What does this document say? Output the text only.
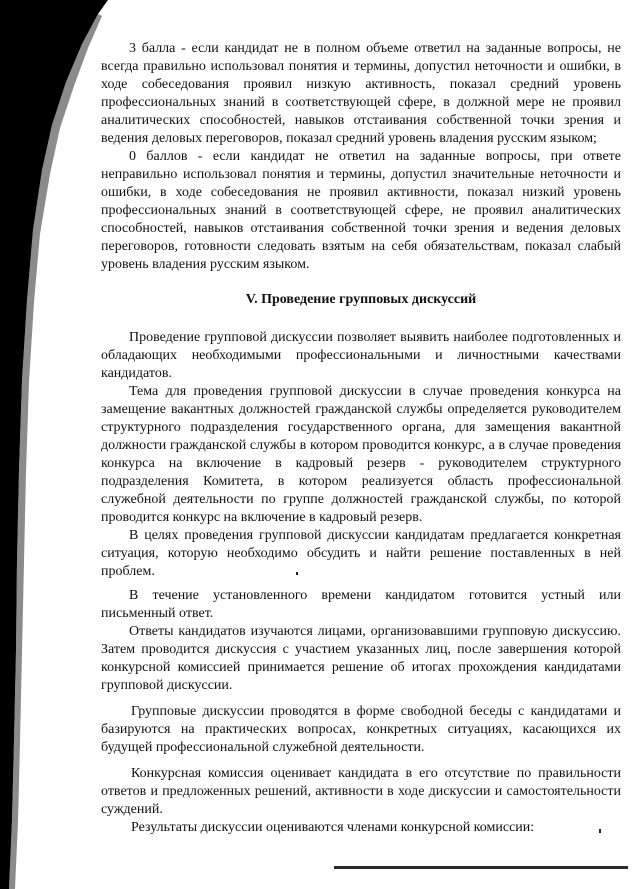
3 балла - если кандидат не в полном объеме ответил на заданные вопросы, не всегда правильно использовал понятия и термины, допустил неточности и ошибки, в ходе собеседования проявил низкую активность, показал средний уровень профессиональных знаний в соответствующей сфере, в должной мере не проявил аналитических способностей, навыков отстаивания собственной точки зрения и ведения деловых переговоров, показал средний уровень владения русским языком;

0 баллов - если кандидат не ответил на заданные вопросы, при ответе неправильно использовал понятия и термины, допустил значительные неточности и ошибки, в ходе собеседования не проявил активности, показал низкий уровень профессиональных знаний в соответствующей сфере, не проявил аналитических способностей, навыков отстаивания собственной точки зрения и ведения деловых переговоров, готовности следовать взятым на себя обязательствам, показал слабый уровень владения русским языком.

V. Проведение групповых дискуссий

Проведение групповой дискуссии позволяет выявить наиболее подготовленных и обладающих необходимыми профессиональными и личностными качествами кандидатов.

Тема для проведения групповой дискуссии в случае проведения конкурса на замещение вакантных должностей гражданской службы определяется руководителем структурного подразделения государственного органа, для замещения вакантной должности гражданской службы в котором проводится конкурс, а в случае проведения конкурса на включение в кадровый резерв - руководителем структурного подразделения Комитета, в котором реализуется область профессиональной служебной деятельности по группе должностей гражданской службы, по которой проводится конкурс на включение в кадровый резерв.

В целях проведения групповой дискуссии кандидатам предлагается конкретная ситуация, которую необходимо обсудить и найти решение поставленных в ней проблем.

В течение установленного времени кандидатом готовится устный или письменный ответ.

Ответы кандидатов изучаются лицами, организовавшими групповую дискуссию. Затем проводится дискуссия с участием указанных лиц, после завершения которой конкурсной комиссией принимается решение об итогах прохождения кандидатами групповой дискуссии.

Групповые дискуссии проводятся в форме свободной беседы с кандидатами и базируются на практических вопросах, конкретных ситуациях, касающихся их будущей профессиональной служебной деятельности.

Конкурсная комиссия оценивает кандидата в его отсутствие по правильности ответов и предложенных решений, активности в ходе дискуссии и самостоятельности суждений.

Результаты дискуссии оцениваются членами конкурсной комиссии:
